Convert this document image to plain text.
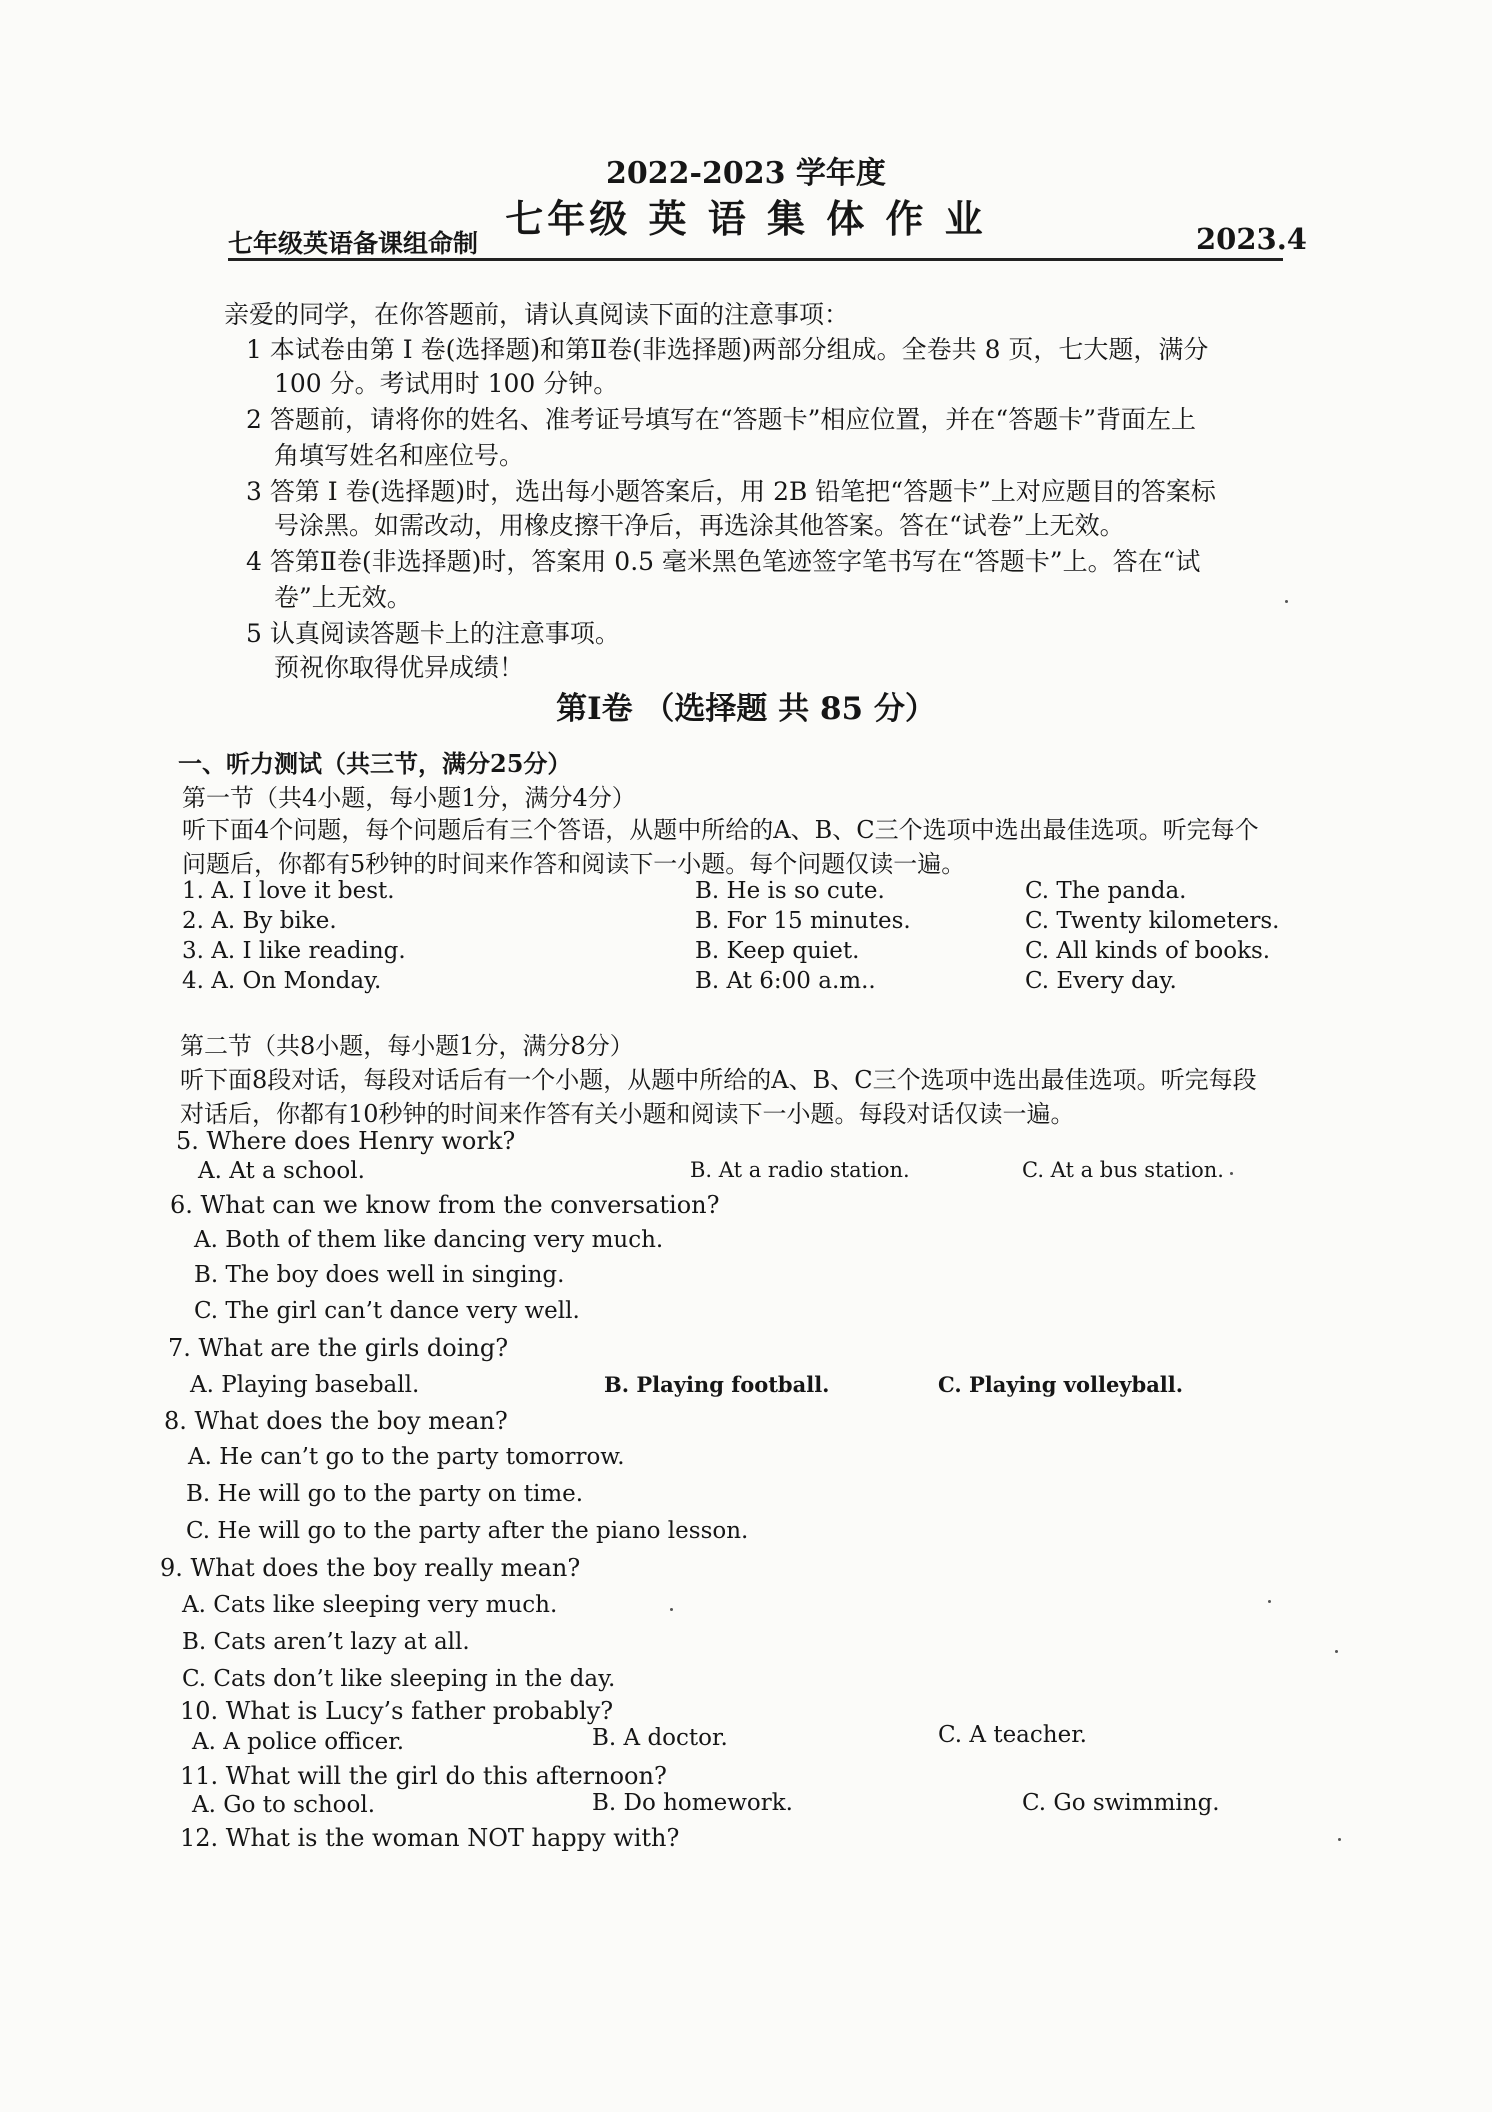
2022-2023 学年度
七年级 英 语 集 体 作 业
七年级英语备课组命制	2023.4
亲爱的同学，在你答题前，请认真阅读下面的注意事项：
1 本试卷由第 Ⅰ 卷(选择题)和第Ⅱ卷(非选择题)两部分组成。全卷共 8 页，七大题，满分
100 分。考试用时 100 分钟。
2 答题前，请将你的姓名、准考证号填写在“答题卡”相应位置，并在“答题卡”背面左上
角填写姓名和座位号。
3 答第 Ⅰ 卷(选择题)时，选出每小题答案后，用 2B 铅笔把“答题卡”上对应题目的答案标
号涂黑。如需改动，用橡皮擦干净后，再选涂其他答案。答在“试卷”上无效。
4 答第Ⅱ卷(非选择题)时，答案用 0.5 毫米黑色笔迹签字笔书写在“答题卡”上。答在“试
卷”上无效。
5 认真阅读答题卡上的注意事项。
预祝你取得优异成绩！
第Ⅰ卷 （选择题 共 85 分）
一、听力测试（共三节，满分25分）
第一节（共4小题，每小题1分，满分4分）
听下面4个问题，每个问题后有三个答语，从题中所给的A、B、C三个选项中选出最佳选项。听完每个
问题后，你都有5秒钟的时间来作答和阅读下一小题。每个问题仅读一遍。
1. A. I love it best.	B. He is so cute.	C. The panda.
2. A. By bike.	B. For 15 minutes.	C. Twenty kilometers.
3. A. I like reading.	B. Keep quiet.	C. All kinds of books.
4. A. On Monday.	B. At 6:00 a.m..	C. Every day.
第二节（共8小题，每小题1分，满分8分）
听下面8段对话，每段对话后有一个小题，从题中所给的A、B、C三个选项中选出最佳选项。听完每段
对话后，你都有10秒钟的时间来作答有关小题和阅读下一小题。每段对话仅读一遍。
5. Where does Henry work?
A. At a school.	B. At a radio station.	C. At a bus station.
6. What can we know from the conversation?
A. Both of them like dancing very much.
B. The boy does well in singing.
C. The girl can’t dance very well.
7. What are the girls doing?
A. Playing baseball.	B. Playing football.	C. Playing volleyball.
8. What does the boy mean?
A. He can’t go to the party tomorrow.
B. He will go to the party on time.
C. He will go to the party after the piano lesson.
9. What does the boy really mean?
A. Cats like sleeping very much.
B. Cats aren’t lazy at all.
C. Cats don’t like sleeping in the day.
10. What is Lucy’s father probably?
A. A police officer.	B. A doctor.	C. A teacher.
11. What will the girl do this afternoon?
A. Go to school.	B. Do homework.	C. Go swimming.
12. What is the woman NOT happy with?
